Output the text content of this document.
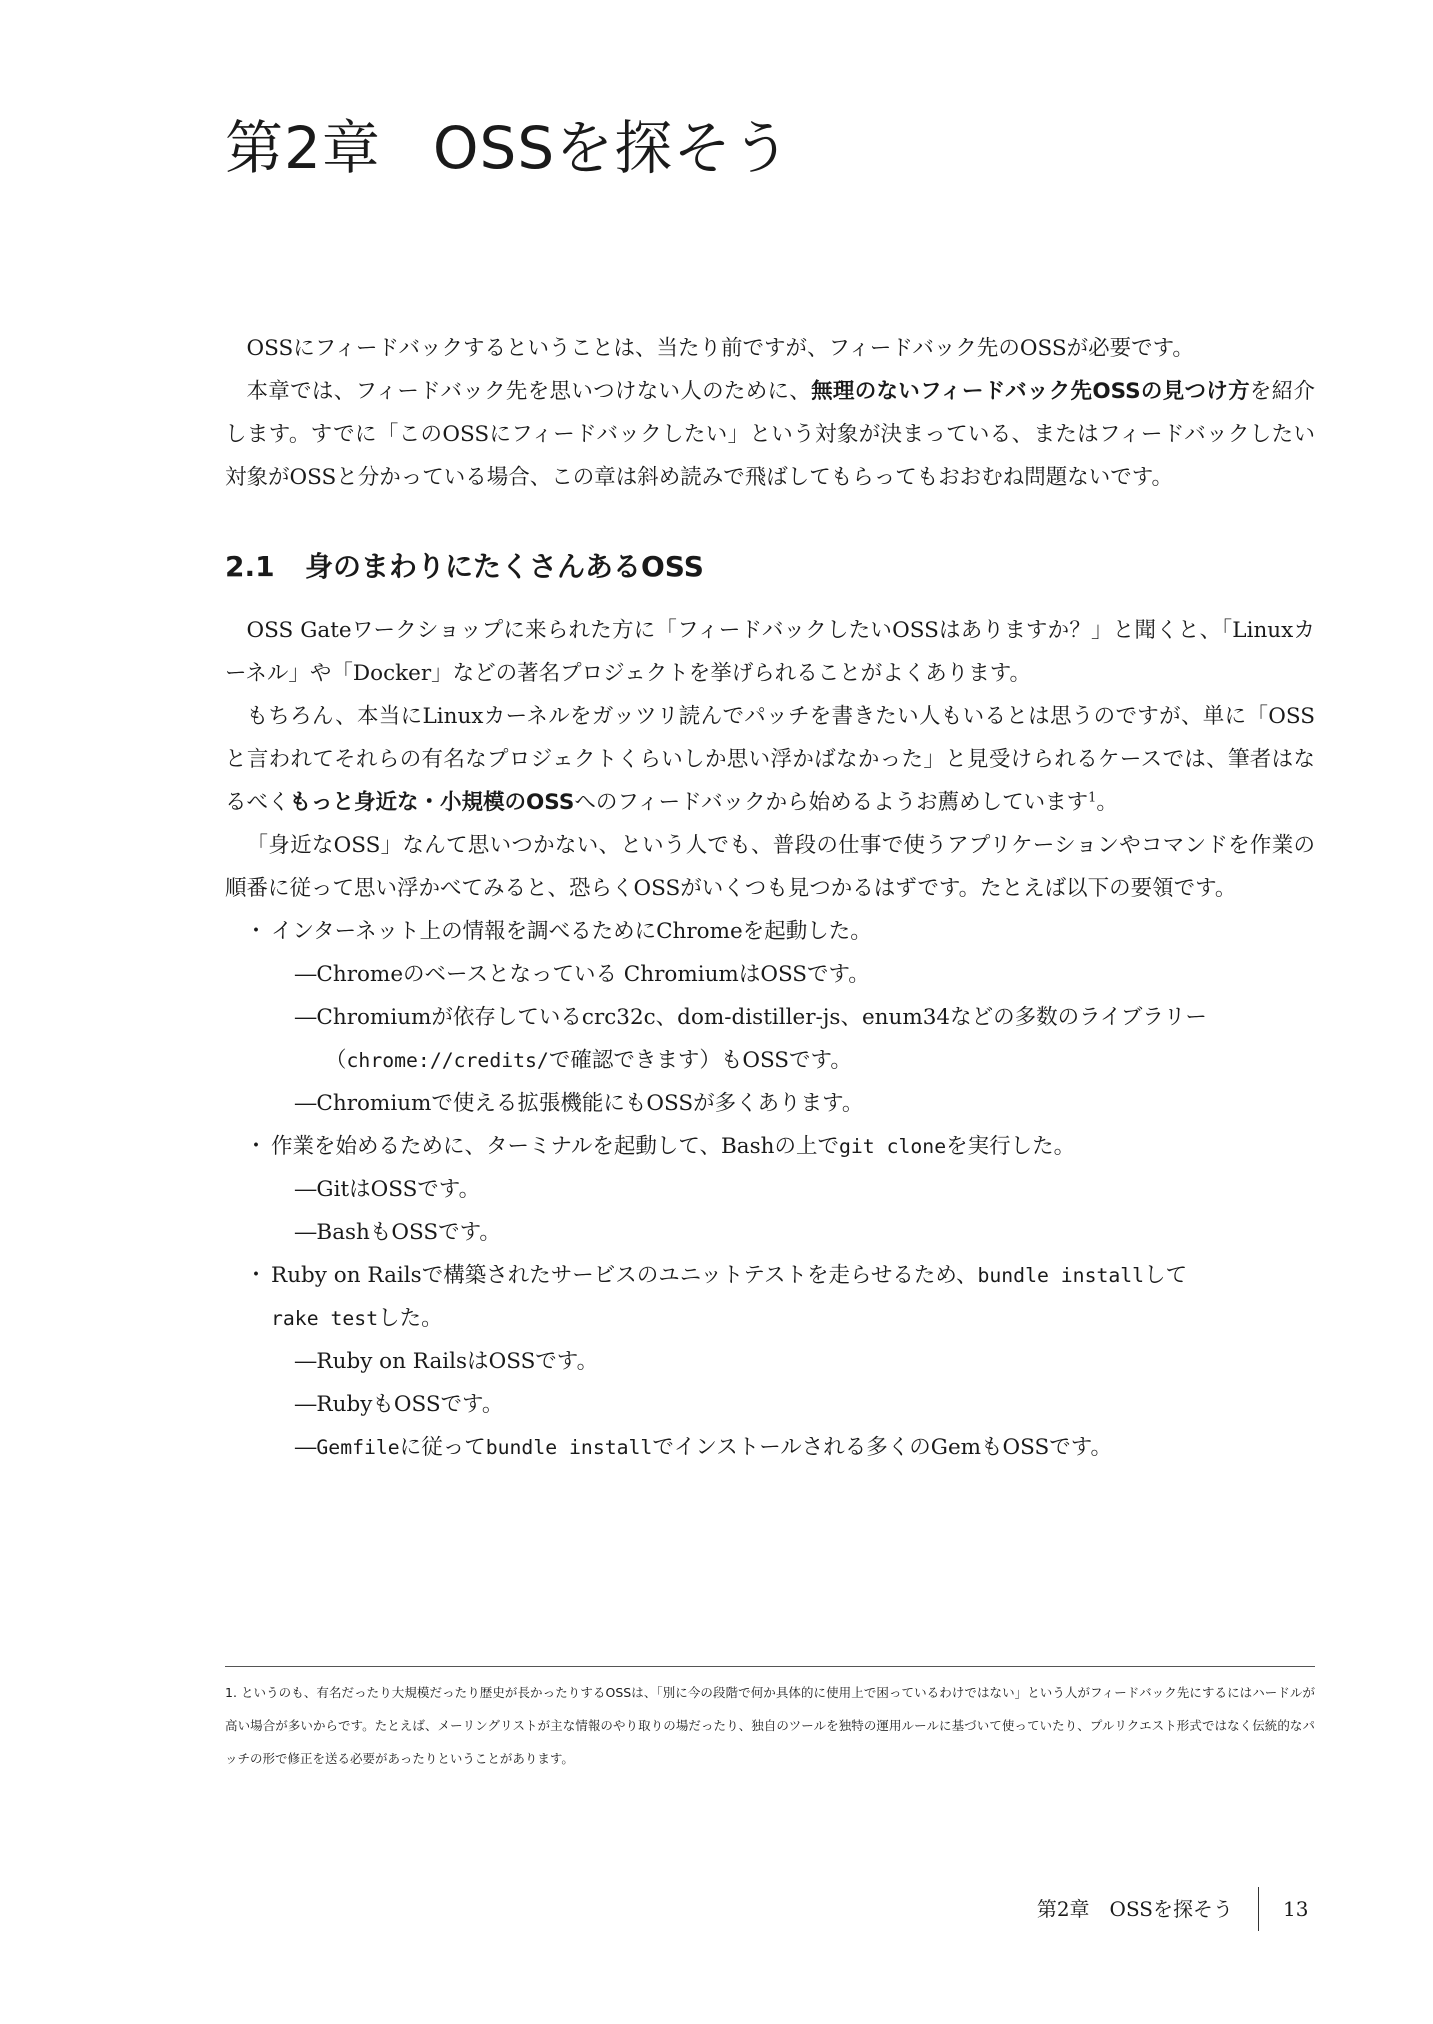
第2章 OSSを探そう

OSSにフィードバックするということは、当たり前ですが、フィードバック先のOSSが必要です。

本章では、フィードバック先を思いつけない人のために、無理のないフィードバック先OSSの見つけ方を紹介します。すでに「このOSSにフィードバックしたい」という対象が決まっている、またはフィードバックしたい対象がOSSと分かっている場合、この章は斜め読みで飛ばしてもらってもおおむね問題ないです。

2.1 身のまわりにたくさんあるOSS

OSS Gateワークショップに来られた方に「フィードバックしたいOSSはありますか？」と聞くと、「Linuxカーネル」や「Docker」などの著名プロジェクトを挙げられることがよくあります。

もちろん、本当にLinuxカーネルをガッツリ読んでパッチを書きたい人もいるとは思うのですが、単に「OSSと言われてそれらの有名なプロジェクトくらいしか思い浮かばなかった」と見受けられるケースでは、筆者はなるべくもっと身近な・小規模のOSSへのフィードバックから始めるようお薦めしています$^1$。

「身近なOSS」なんて思いつかない、という人でも、普段の仕事で使うアプリケーションやコマンドを作業の順番に従って思い浮かべてみると、恐らくOSSがいくつも見つかるはずです。たとえば以下の要領です。

・ インターネット上の情報を調べるためにChromeを起動した。
―Chromeのベースとなっている ChromiumはOSSです。
―Chromiumが依存しているcrc32c、dom-distiller-js、enum34などの多数のライブラリー
（chrome://credits/で確認できます）もOSSです。
―Chromiumで使える拡張機能にもOSSが多くあります。
・ 作業を始めるために、ターミナルを起動して、Bashの上でgit cloneを実行した。
―GitはOSSです。
―BashもOSSです。
・ Ruby on Railsで構築されたサービスのユニットテストを走らせるため、bundle installして
rake testした。
―Ruby on RailsはOSSです。
―RubyもOSSです。
―Gemfileに従ってbundle installでインストールされる多くのGemもOSSです。
1. というのも、有名だったり大規模だったり歴史が長かったりするOSSは、「別に今の段階で何か具体的に使用上で困っているわけではない」という人がフィードバック先にするにはハードルが高い場合が多いからです。たとえば、メーリングリストが主な情報のやり取りの場だったり、独自のツールを独特の運用ルールに基づいて使っていたり、プルリクエスト形式ではなく伝統的なパッチの形で修正を送る必要があったりということがあります。
第2章　OSSを探そう	13
